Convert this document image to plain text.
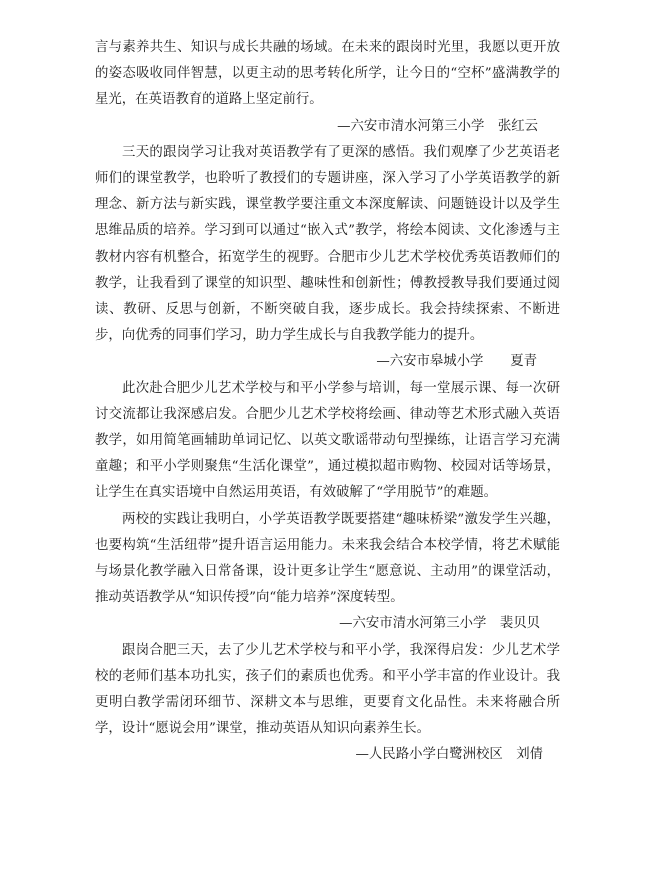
言与素养共生、知识与成长共融的场域。在未来的跟岗时光里，我愿以更开放的姿态吸收同伴智慧，以更主动的思考转化所学，让今日的“空杯”盛满教学的星光，在英语教育的道路上坚定前行。

—六安市清水河第三小学　张红云

三天的跟岗学习让我对英语教学有了更深的感悟。我们观摩了少艺英语老师们的课堂教学，也聆听了教授们的专题讲座，深入学习了小学英语教学的新理念、新方法与新实践，课堂教学要注重文本深度解读、问题链设计以及学生思维品质的培养。学习到可以通过“嵌入式”教学，将绘本阅读、文化渗透与主教材内容有机整合，拓宽学生的视野。合肥市少儿艺术学校优秀英语教师们的教学，让我看到了课堂的知识型、趣味性和创新性；傅教授教导我们要通过阅读、教研、反思与创新，不断突破自我，逐步成长。我会持续探索、不断进步，向优秀的同事们学习，助力学生成长与自我教学能力的提升。

—六安市皋城小学　　夏青

此次赴合肥少儿艺术学校与和平小学参与培训，每一堂展示课、每一次研讨交流都让我深感启发。合肥少儿艺术学校将绘画、律动等艺术形式融入英语教学，如用简笔画辅助单词记忆、以英文歌谣带动句型操练，让语言学习充满童趣；和平小学则聚焦“生活化课堂”，通过模拟超市购物、校园对话等场景，让学生在真实语境中自然运用英语，有效破解了“学用脱节”的难题。

两校的实践让我明白，小学英语教学既要搭建“趣味桥梁”激发学生兴趣，也要构筑“生活纽带”提升语言运用能力。未来我会结合本校学情，将艺术赋能与场景化教学融入日常备课，设计更多让学生“愿意说、主动用”的课堂活动，推动英语教学从“知识传授”向“能力培养”深度转型。

—六安市清水河第三小学　裴贝贝

跟岗合肥三天，去了少儿艺术学校与和平小学，我深得启发：少儿艺术学校的老师们基本功扎实，孩子们的素质也优秀。和平小学丰富的作业设计。我更明白教学需闭环细节、深耕文本与思维，更要育文化品性。未来将融合所学，设计“愿说会用”课堂，推动英语从知识向素养生长。

—人民路小学白鹭洲校区　刘倩
